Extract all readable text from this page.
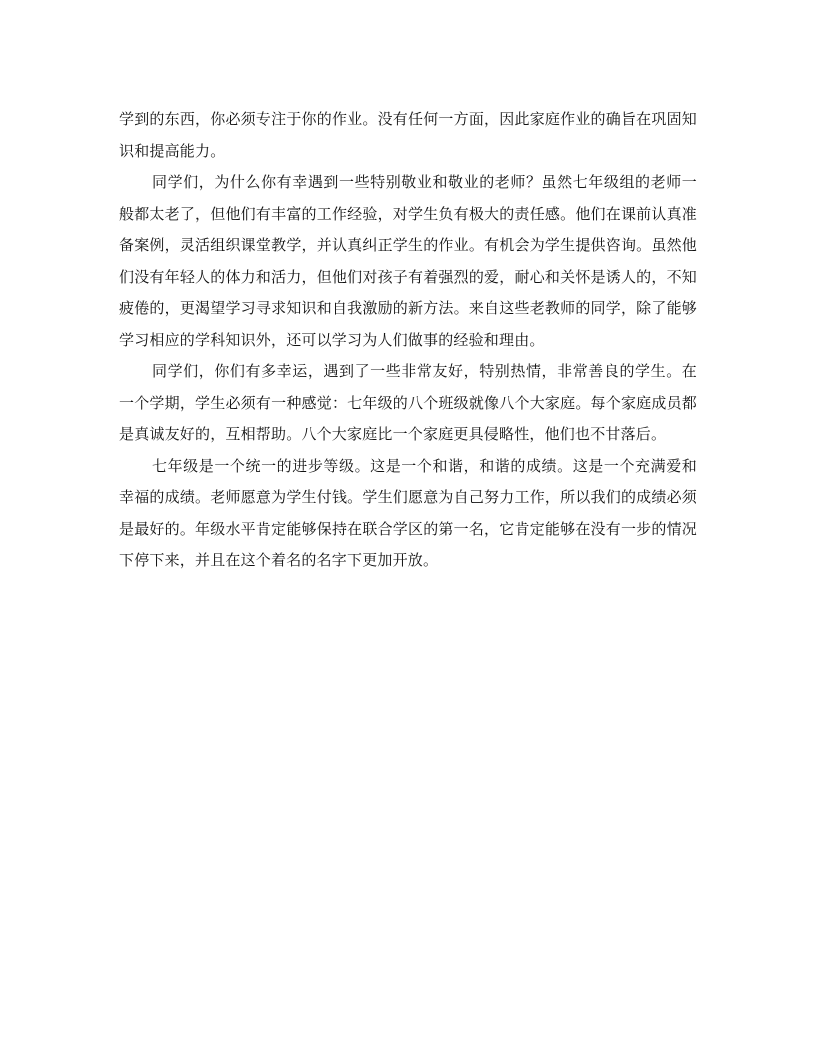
学到的东西，你必须专注于你的作业。没有任何一方面，因此家庭作业的确旨在巩固知识和提高能力。

同学们，为什么你有幸遇到一些特别敬业和敬业的老师？虽然七年级组的老师一般都太老了，但他们有丰富的工作经验，对学生负有极大的责任感。他们在课前认真准备案例，灵活组织课堂教学，并认真纠正学生的作业。有机会为学生提供咨询。虽然他们没有年轻人的体力和活力，但他们对孩子有着强烈的爱，耐心和关怀是诱人的，不知疲倦的，更渴望学习寻求知识和自我激励的新方法。来自这些老教师的同学，除了能够学习相应的学科知识外，还可以学习为人们做事的经验和理由。

同学们，你们有多幸运，遇到了一些非常友好，特别热情，非常善良的学生。在一个学期，学生必须有一种感觉：七年级的八个班级就像八个大家庭。每个家庭成员都是真诚友好的，互相帮助。八个大家庭比一个家庭更具侵略性，他们也不甘落后。

七年级是一个统一的进步等级。这是一个和谐，和谐的成绩。这是一个充满爱和幸福的成绩。老师愿意为学生付钱。学生们愿意为自己努力工作，所以我们的成绩必须是最好的。年级水平肯定能够保持在联合学区的第一名，它肯定能够在没有一步的情况下停下来，并且在这个着名的名字下更加开放。
